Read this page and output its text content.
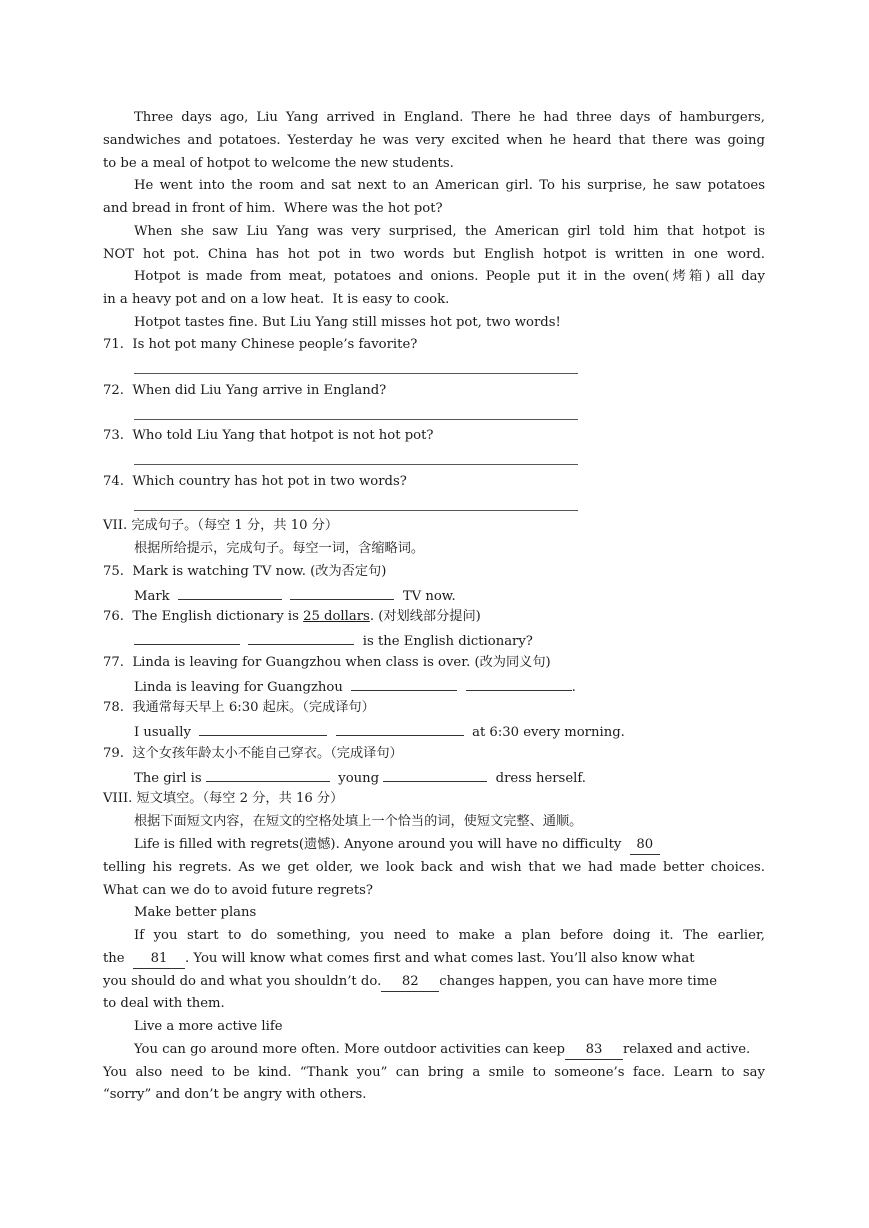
Three days ago, Liu Yang arrived in England. There he had three days of hamburgers,
sandwiches and potatoes. Yesterday he was very excited when he heard that there was going
to be a meal of hotpot to welcome the new students.
He went into the room and sat next to an American girl. To his surprise, he saw potatoes
and bread in front of him.  Where was the hot pot?
When she saw Liu Yang was very surprised, the American girl told him that hotpot is
NOT hot pot. China has hot pot in two words but English hotpot is written in one word.
Hotpot is made from meat, potatoes and onions. People put it in the oven(烤箱) all day
in a heavy pot and on a low heat.  It is easy to cook.
Hotpot tastes fine. But Liu Yang still misses hot pot, two words!
71.  Is hot pot many Chinese people’s favorite?
72.  When did Liu Yang arrive in England?
73.  Who told Liu Yang that hotpot is not hot pot?
74.  Which country has hot pot in two words?
VII. 完成句子。（每空 1 分，共 10 分）
根据所给提示，完成句子。每空一词，含缩略词。
75.  Mark is watching TV now. (改为否定句)
Mark	TV now.
76.  The English dictionary is 25 dollars. (对划线部分提问)
is the English dictionary?
77.  Linda is leaving for Guangzhou when class is over. (改为同义句)
Linda is leaving for Guangzhou	.
78.  我通常每天早上 6:30 起床。（完成译句）
I usually	at 6:30 every morning.
79.  这个女孩年龄太小不能自己穿衣。（完成译句）
The girl is	young	dress herself.
VIII. 短文填空。（每空 2 分，共 16 分）
根据下面短文内容，在短文的空格处填上一个恰当的词，使短文完整、通顺。
Life is filled with regrets(遗憾). Anyone around you will have no difficulty 80
telling his regrets. As we get older, we look back and wish that we had made better choices.
What can we do to avoid future regrets?
Make better plans
If you start to do something, you need to make a plan before doing it. The earlier,
the 81 . You will know what comes first and what comes last. You’ll also know what
you should do and what you shouldn’t do. 82 changes happen, you can have more time
to deal with them.
Live a more active life
You can go around more often. More outdoor activities can keep 83 relaxed and active.
You also need to be kind. “Thank you” can bring a smile to someone’s face. Learn to say
“sorry” and don’t be angry with others.
